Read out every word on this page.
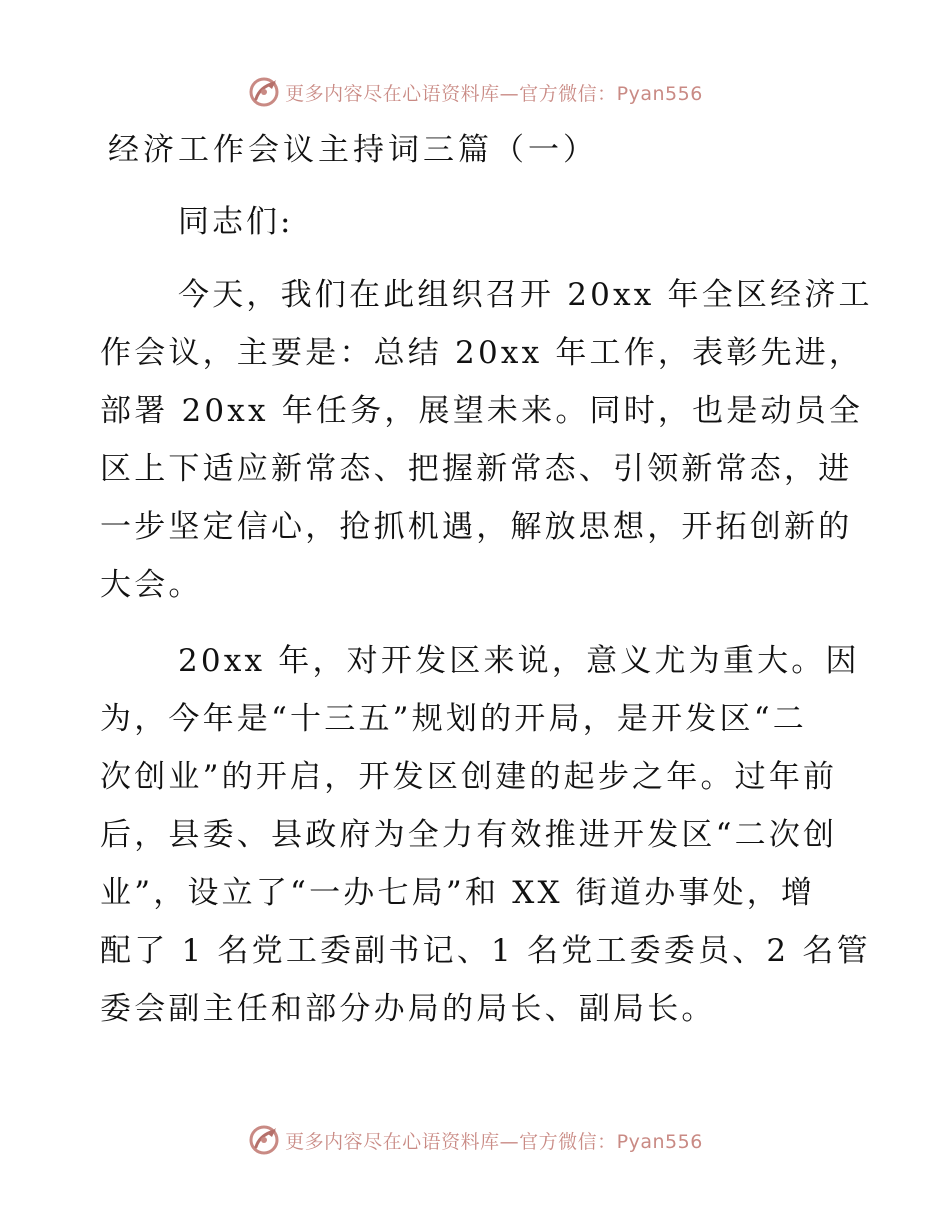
更多内容尽在心语资料库—官方微信：Pyan556
经济工作会议主持词三篇（一）
同志们:
今天，我们在此组织召开 20xx 年全区经济工
作会议，主要是：总结 20xx 年工作，表彰先进，
部署 20xx 年任务，展望未来。同时，也是动员全
区上下适应新常态、把握新常态、引领新常态，进
一步坚定信心，抢抓机遇，解放思想，开拓创新的
大会。
20xx 年，对开发区来说，意义尤为重大。因
为，今年是“十三五”规划的开局，是开发区“二
次创业”的开启，开发区创建的起步之年。过年前
后，县委、县政府为全力有效推进开发区“二次创
业”，设立了“一办七局”和 XX 街道办事处，增
配了 1 名党工委副书记、1 名党工委委员、2 名管
委会副主任和部分办局的局长、副局长。
更多内容尽在心语资料库—官方微信：Pyan556
